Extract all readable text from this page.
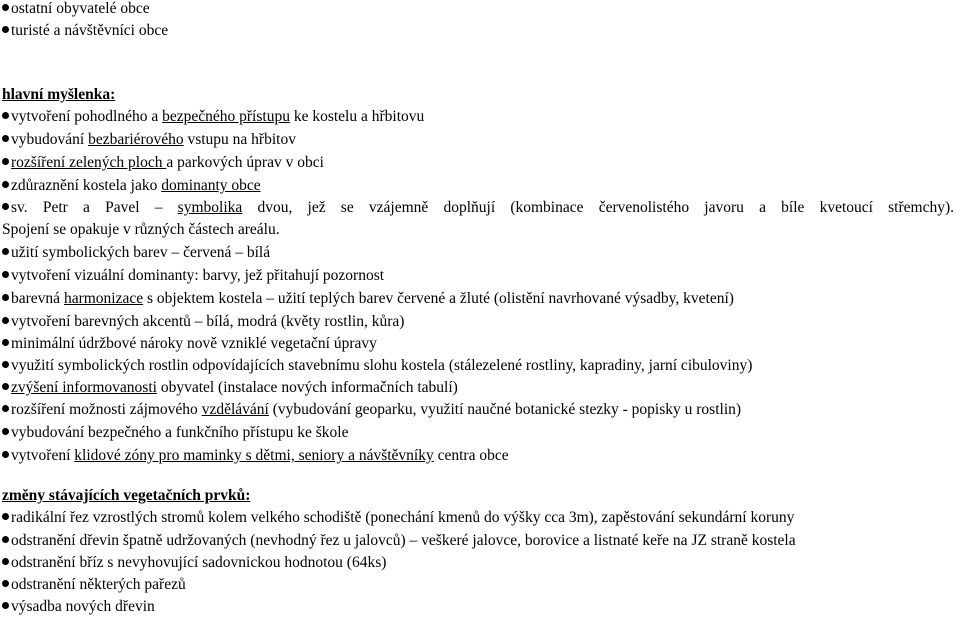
ostatní obyvatelé obce
turisté a návštěvníci obce
hlavní myšlenka:
vytvoření pohodlného a bezpečného přístupu ke kostelu a hřbitovu
vybudování bezbariérového vstupu na hřbitov
rozšíření zelených ploch a parkových úprav v obci
zdůraznění kostela jako dominanty obce
sv. Petr a Pavel – symbolika dvou, jež se vzájemně doplňují (kombinace červenolistého javoru a bíle kvetoucí střemchy).
Spojení se opakuje v různých částech areálu.
užití symbolických barev – červená – bílá
vytvoření vizuální dominanty: barvy, jež přitahují pozornost
barevná harmonizace s objektem kostela – užití teplých barev červené a žluté (olistění navrhované výsadby, kvetení)
vytvoření barevných akcentů – bílá, modrá (květy rostlin, kůra)
minimální údržbové nároky nově vzniklé vegetační úpravy
využití symbolických rostlin odpovídajících stavebnímu slohu kostela (stálezelené rostliny, kapradiny, jarní cibuloviny)
zvýšení informovanosti obyvatel (instalace nových informačních tabulí)
rozšíření možnosti zájmového vzdělávání (vybudování geoparku, využití naučné botanické stezky - popisky u rostlin)
vybudování bezpečného a funkčního přístupu ke škole
vytvoření klidové zóny pro maminky s dětmi, seniory a návštěvníky centra obce
změny stávajících vegetačních prvků:
radikální řez vzrostlých stromů kolem velkého schodiště (ponechání kmenů do výšky cca 3m), zapěstování sekundární koruny
odstranění dřevin špatně udržovaných (nevhodný řez u jalovců) – veškeré jalovce, borovice a listnaté keře na JZ straně kostela
odstranění bříz s nevyhovující sadovnickou hodnotou (64ks)
odstranění některých pařezů
výsadba nových dřevin
